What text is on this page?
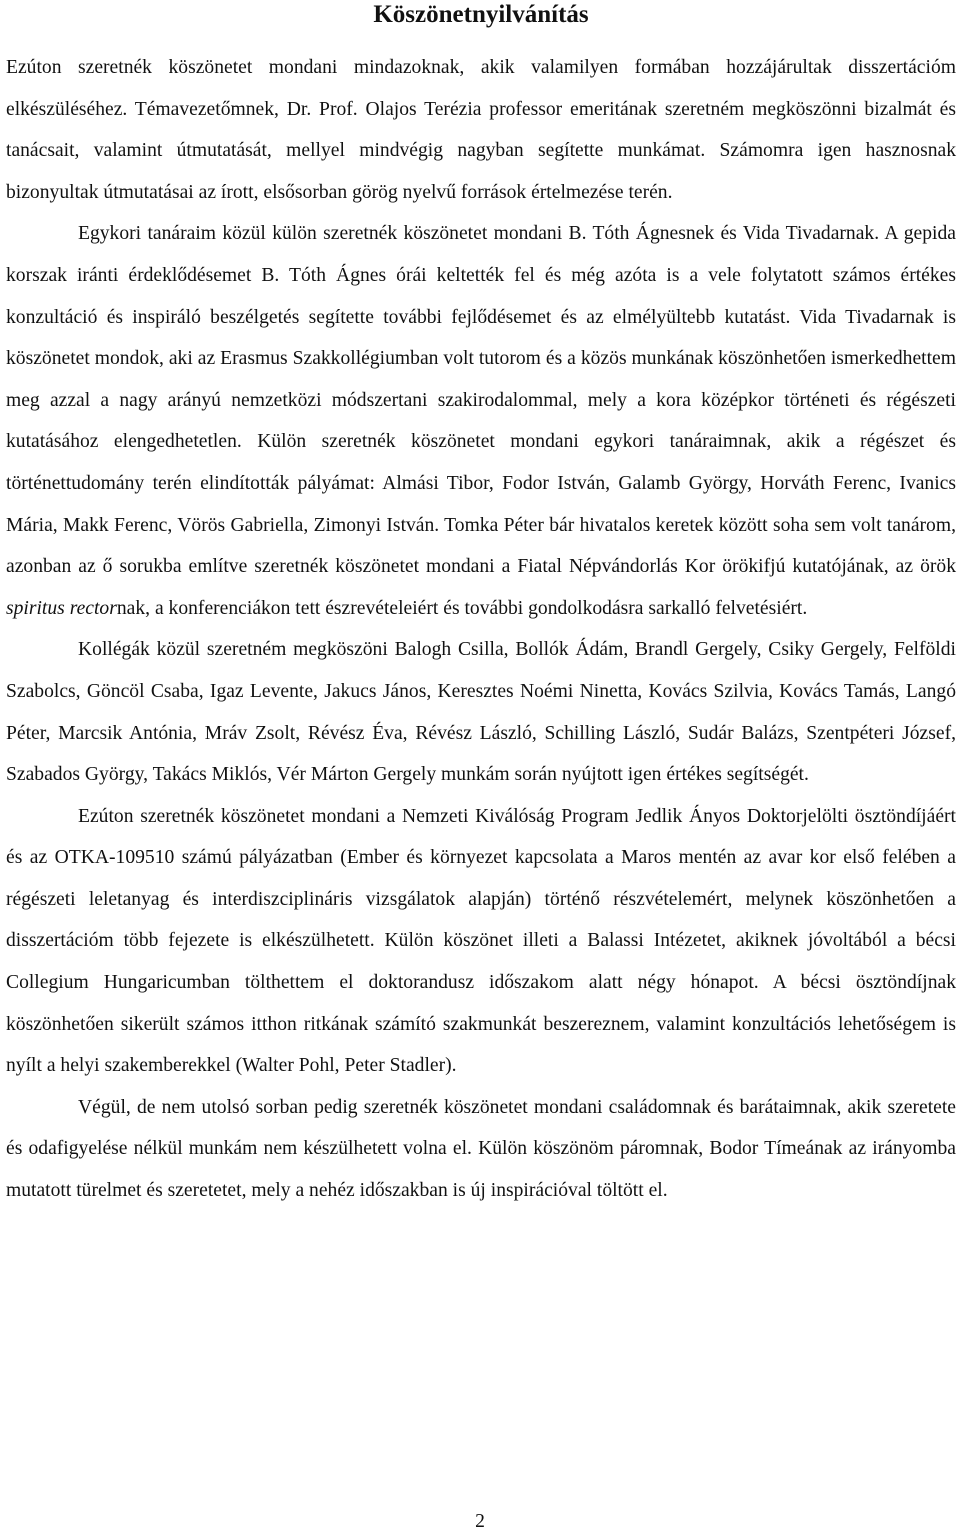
Köszönetnyilvánítás

Ezúton szeretnék köszönetet mondani mindazoknak, akik valamilyen formában hozzájárultak disszertációm elkészüléséhez. Témavezetőmnek, Dr. Prof. Olajos Terézia professor emeritának szeretném megköszönni bizalmát és tanácsait, valamint útmutatását, mellyel mindvégig nagyban segítette munkámat. Számomra igen hasznosnak bizonyultak útmutatásai az írott, elsősorban görög nyelvű források értelmezése terén.

Egykori tanáraim közül külön szeretnék köszönetet mondani B. Tóth Ágnesnek és Vida Tivadarnak. A gepida korszak iránti érdeklődésemet B. Tóth Ágnes órái keltették fel és még azóta is a vele folytatott számos értékes konzultáció és inspiráló beszélgetés segítette további fejlődésemet és az elmélyültebb kutatást. Vida Tivadarnak is köszönetet mondok, aki az Erasmus Szakkollégiumban volt tutorom és a közös munkának köszönhetően ismerkedhettem meg azzal a nagy arányú nemzetközi módszertani szakirodalommal, mely a kora középkor történeti és régészeti kutatásához elengedhetetlen. Külön szeretnék köszönetet mondani egykori tanáraimnak, akik a régészet és történettudomány terén elindították pályámat: Almási Tibor, Fodor István, Galamb György, Horváth Ferenc, Ivanics Mária, Makk Ferenc, Vörös Gabriella, Zimonyi István. Tomka Péter bár hivatalos keretek között soha sem volt tanárom, azonban az ő sorukba említve szeretnék köszönetet mondani a Fiatal Népvándorlás Kor örökifjú kutatójának, az örök spiritus rectornak, a konferenciákon tett észrevételeiért és további gondolkodásra sarkalló felvetésiért.

Kollégák közül szeretném megköszöni Balogh Csilla, Bollók Ádám, Brandl Gergely, Csiky Gergely, Felföldi Szabolcs, Göncöl Csaba, Igaz Levente, Jakucs János, Keresztes Noémi Ninetta, Kovács Szilvia, Kovács Tamás, Langó Péter, Marcsik Antónia, Mráv Zsolt, Révész Éva, Révész László, Schilling László, Sudár Balázs, Szentpéteri József, Szabados György, Takács Miklós, Vér Márton Gergely munkám során nyújtott igen értékes segítségét.

Ezúton szeretnék köszönetet mondani a Nemzeti Kiválóság Program Jedlik Ányos Doktorjelölti ösztöndíjáért és az OTKA-109510 számú pályázatban (Ember és környezet kapcsolata a Maros mentén az avar kor első felében a régészeti leletanyag és interdiszciplináris vizsgálatok alapján) történő részvételemért, melynek köszönhetően a disszertációm több fejezete is elkészülhetett. Külön köszönet illeti a Balassi Intézetet, akiknek jóvoltából a bécsi Collegium Hungaricumban tölthettem el doktorandusz időszakom alatt négy hónapot. A bécsi ösztöndíjnak köszönhetően sikerült számos itthon ritkának számító szakmunkát beszereznem, valamint konzultációs lehetőségem is nyílt a helyi szakemberekkel (Walter Pohl, Peter Stadler).

Végül, de nem utolsó sorban pedig szeretnék köszönetet mondani családomnak és barátaimnak, akik szeretete és odafigyelése nélkül munkám nem készülhetett volna el. Külön köszönöm páromnak, Bodor Tímeának az irányomba mutatott türelmet és szeretetet, mely a nehéz időszakban is új inspirációval töltött el.

2
